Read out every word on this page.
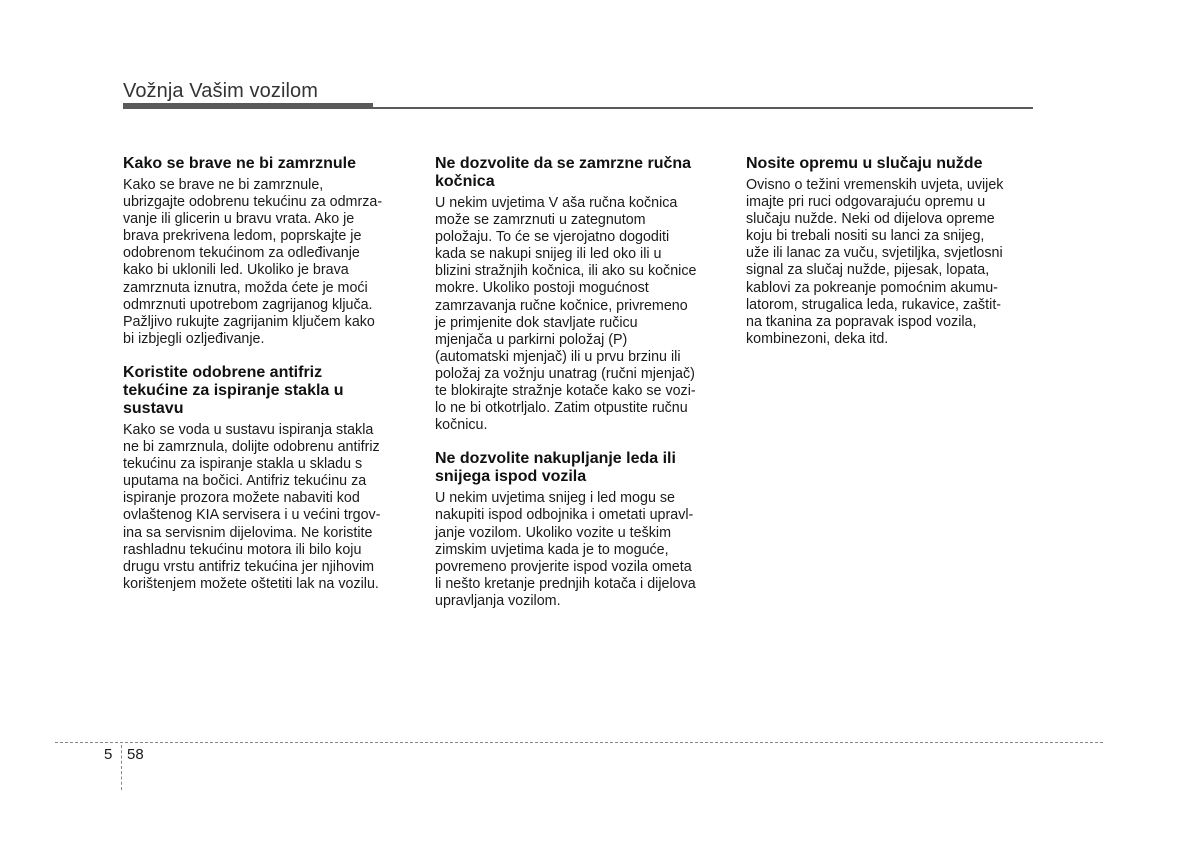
Vožnja Vašim vozilom

Kako se brave ne bi zamrznule

Kako se brave ne bi zamrznule,
ubrizgajte odobrenu tekućinu za odmrza-
vanje ili glicerin u bravu vrata. Ako je
brava prekrivena ledom, poprskajte je
odobrenom tekućinom za odleđivanje
kako bi uklonili led. Ukoliko je brava
zamrznuta iznutra, možda ćete je moći
odmrznuti upotrebom zagrijanog ključa.
Pažljivo rukujte zagrijanim ključem kako
bi izbjegli ozljeđivanje.

Koristite odobrene antifriz
tekućine za ispiranje stakla u
sustavu

Kako se voda u sustavu ispiranja stakla
ne bi zamrznula, dolijte odobrenu antifriz
tekućinu za ispiranje stakla u skladu s
uputama na bočici. Antifriz tekućinu za
ispiranje prozora možete nabaviti kod
ovlaštenog KIA servisera i u većini trgov-
ina sa servisnim dijelovima. Ne koristite
rashladnu tekućinu motora ili bilo koju
drugu vrstu antifriz tekućina jer njihovim
korištenjem možete oštetiti lak na vozilu.

Ne dozvolite da se zamrzne ručna
kočnica

U nekim uvjetima V aša ručna kočnica
može se zamrznuti u zategnutom
položaju. To će se vjerojatno dogoditi
kada se nakupi snijeg ili led oko ili u
blizini stražnjih kočnica, ili ako su kočnice
mokre. Ukoliko postoji mogućnost
zamrzavanja ručne kočnice, privremeno
je primjenite dok stavljate ručicu
mjenjača u parkirni položaj (P)
(automatski mjenjač) ili u prvu brzinu ili
položaj za vožnju unatrag (ručni mjenjač)
te blokirajte stražnje kotače kako se vozi-
lo ne bi otkotrljalo. Zatim otpustite ručnu
kočnicu.

Ne dozvolite nakupljanje leda ili
snijega ispod vozila

U nekim uvjetima snijeg i led mogu se
nakupiti ispod odbojnika i ometati upravl-
janje vozilom. Ukoliko vozite u teškim
zimskim uvjetima kada je to moguće,
povremeno provjerite ispod vozila ometa
li nešto kretanje prednjih kotača i dijelova
upravljanja vozilom.

Nosite opremu u slučaju nužde

Ovisno o težini vremenskih uvjeta, uvijek
imajte pri ruci odgovarajuću opremu u
slučaju nužde. Neki od dijelova opreme
koju bi trebali nositi su lanci za snijeg,
uže ili lanac za vuču, svjetiljka, svjetlosni
signal za slučaj nužde, pijesak, lopata,
kablovi za pokreanje pomoćnim akumu-
latorom, strugalica leda, rukavice, zaštit-
na tkanina za popravak ispod vozila,
kombinezoni, deka itd.

5 58
